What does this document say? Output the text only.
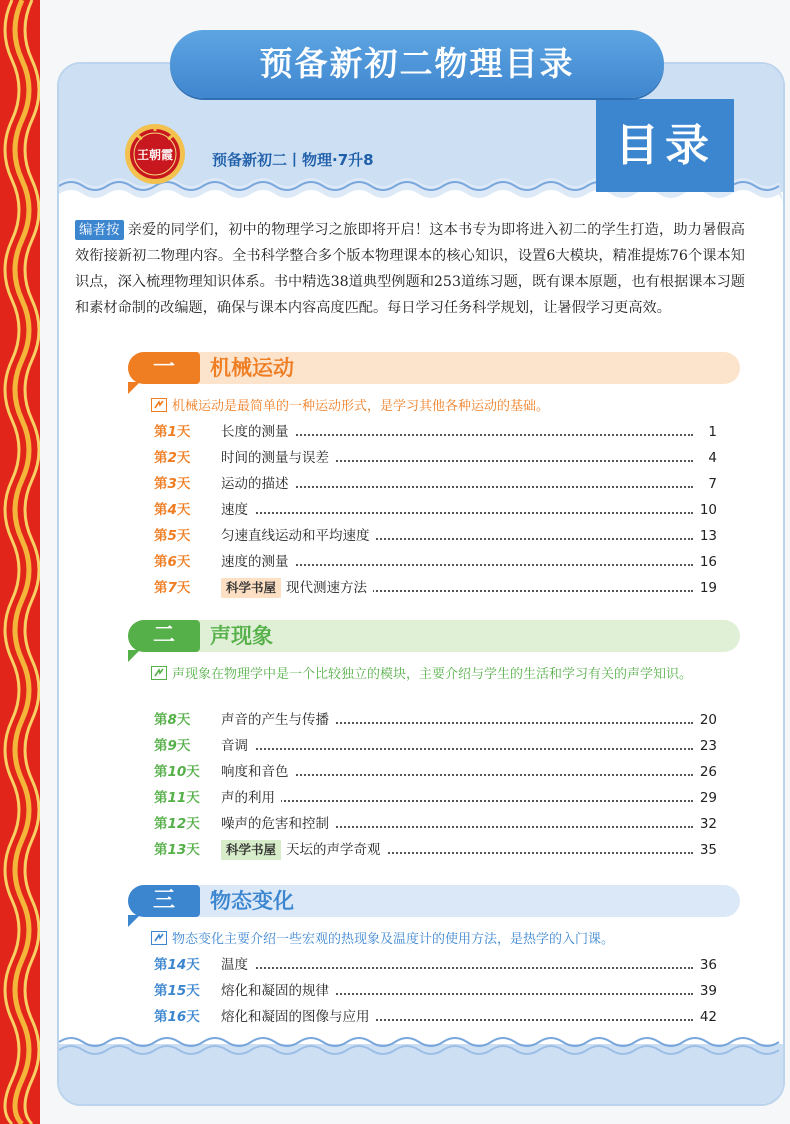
预备新初二物理目录
目录
王朝霞	预备新初二丨物理·7升8
编者按 亲爱的同学们，初中的物理学习之旅即将开启！这本书专为即将进入初二的学生打造，助力暑假高效衔接新初二物理内容。全书科学整合多个版本物理课本的核心知识，设置6大模块，精准提炼76个课本知识点，深入梳理物理知识体系。书中精选38道典型例题和253道练习题，既有课本原题，也有根据课本习题和素材命制的改编题，确保与课本内容高度匹配。每日学习任务科学规划，让暑假学习更高效。
一	机械运动
机械运动是最简单的一种运动形式，是学习其他各种运动的基础。
第1天 长度的测量	1
第2天 时间的测量与误差	4
第3天 运动的描述	7
第4天 速度	10
第5天 匀速直线运动和平均速度	13
第6天 速度的测量	16
第7天	科学书屋 现代测速方法	19
二	声现象
声现象在物理学中是一个比较独立的模块，主要介绍与学生的生活和学习有关的声学知识。
第8天 声音的产生与传播	20
第9天 音调	23
第10天 响度和音色	26
第11天 声的利用	29
第12天 噪声的危害和控制	32
第13天	科学书屋 天坛的声学奇观	35
三	物态变化
物态变化主要介绍一些宏观的热现象及温度计的使用方法，是热学的入门课。
第14天 温度	36
第15天 熔化和凝固的规律	39
第16天 熔化和凝固的图像与应用	42
